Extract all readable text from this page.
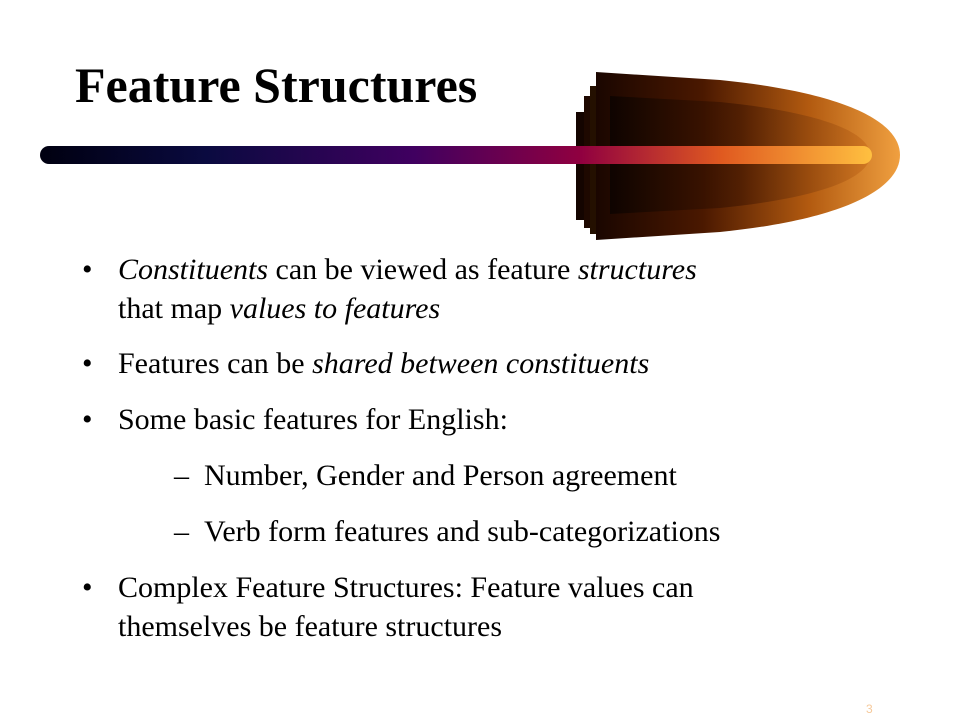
Feature Structures
• Constituents can be viewed as feature structures
that map values to features
• Features can be shared between constituents
• Some basic features for English:
– Number, Gender and Person agreement
– Verb form features and sub-categorizations
• Complex Feature Structures: Feature values can
themselves be feature structures
3
